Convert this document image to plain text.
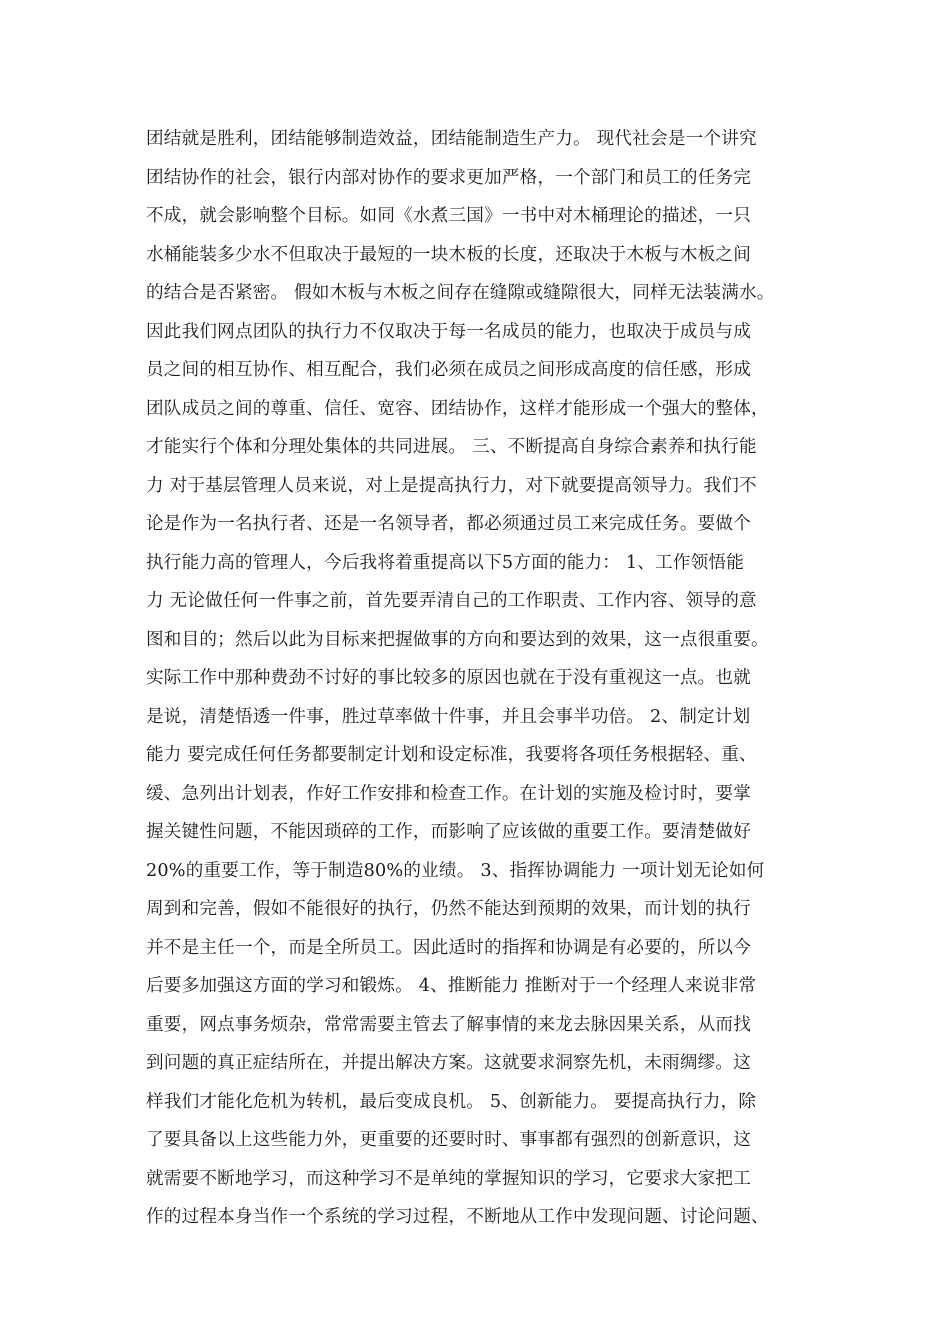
团结就是胜利，团结能够制造效益，团结能制造生产力。 现代社会是一个讲究
团结协作的社会，银行内部对协作的要求更加严格，一个部门和员工的任务完
不成，就会影响整个目标。如同《水煮三国》一书中对木桶理论的描述，一只
水桶能装多少水不但取决于最短的一块木板的长度，还取决于木板与木板之间
的结合是否紧密。 假如木板与木板之间存在缝隙或缝隙很大，同样无法装满水。
因此我们网点团队的执行力不仅取决于每一名成员的能力，也取决于成员与成
员之间的相互协作、相互配合，我们必须在成员之间形成高度的信任感，形成
团队成员之间的尊重、信任、宽容、团结协作，这样才能形成一个强大的整体，
才能实行个体和分理处集体的共同进展。 三、不断提高自身综合素养和执行能
力 对于基层管理人员来说，对上是提高执行力，对下就要提高领导力。我们不
论是作为一名执行者、还是一名领导者，都必须通过员工来完成任务。要做个
执行能力高的管理人，今后我将着重提高以下5方面的能力： 1、工作领悟能
力 无论做任何一件事之前，首先要弄清自己的工作职责、工作内容、领导的意
图和目的；然后以此为目标来把握做事的方向和要达到的效果，这一点很重要。
实际工作中那种费劲不讨好的事比较多的原因也就在于没有重视这一点。也就
是说，清楚悟透一件事，胜过草率做十件事，并且会事半功倍。 2、制定计划
能力 要完成任何任务都要制定计划和设定标准，我要将各项任务根据轻、重、
缓、急列出计划表，作好工作安排和检查工作。在计划的实施及检讨时，要掌
握关键性问题，不能因琐碎的工作，而影响了应该做的重要工作。要清楚做好
20%的重要工作，等于制造80%的业绩。 3、指挥协调能力 一项计划无论如何
周到和完善，假如不能很好的执行，仍然不能达到预期的效果，而计划的执行
并不是主任一个，而是全所员工。因此适时的指挥和协调是有必要的，所以今
后要多加强这方面的学习和锻炼。 4、推断能力 推断对于一个经理人来说非常
重要，网点事务烦杂，常常需要主管去了解事情的来龙去脉因果关系，从而找
到问题的真正症结所在，并提出解决方案。这就要求洞察先机，未雨绸缪。这
样我们才能化危机为转机，最后变成良机。 5、创新能力。 要提高执行力，除
了要具备以上这些能力外，更重要的还要时时、事事都有强烈的创新意识，这
就需要不断地学习，而这种学习不是单纯的掌握知识的学习，它要求大家把工
作的过程本身当作一个系统的学习过程，不断地从工作中发现问题、讨论问题、
